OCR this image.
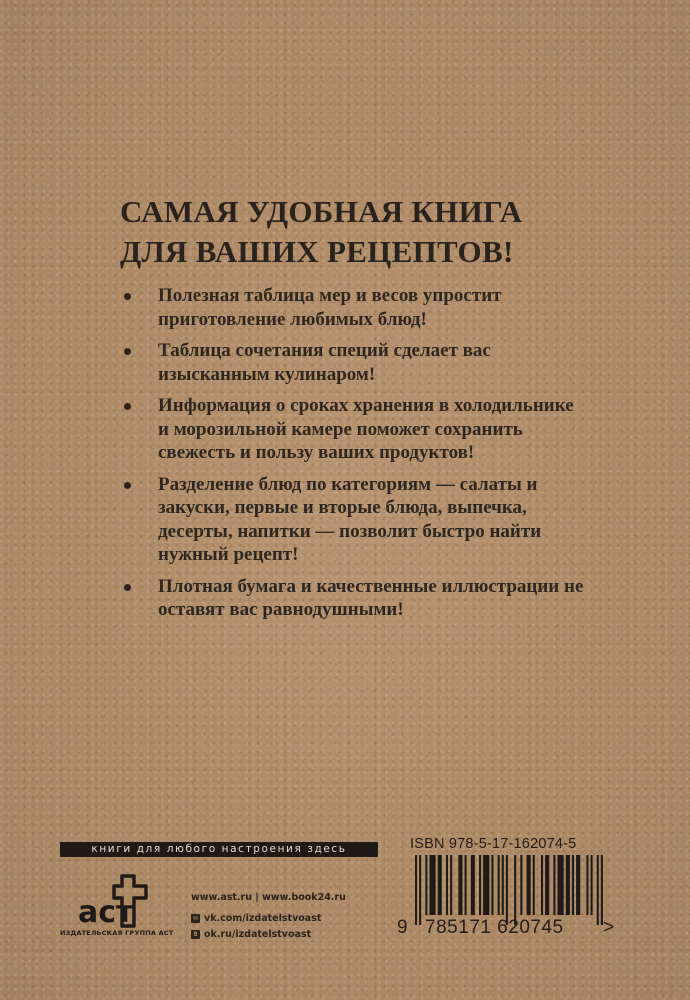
САМАЯ УДОБНАЯ КНИГА
ДЛЯ ВАШИХ РЕЦЕПТОВ!
Полезная таблица мер и весов упростит приготовление любимых блюд!
Таблица сочетания специй сделает вас изысканным кулинаром!
Информация о сроках хранения в холодильнике и морозильной камере поможет сохранить свежесть и пользу ваших продуктов!
Разделение блюд по категориям — салаты и закуски, первые и вторые блюда, выпечка, десерты, напитки — позволит быстро найти нужный рецепт!
Плотная бумага и качественные иллюстрации не оставят вас равнодушными!
книги для любого настроения здесь
аст
ИЗДАТЕЛЬСКАЯ ГРУППА АСТ
www.ast.ru | www.book24.ru
✉ vk.com/izdatelstvoast
8 ok.ru/izdatelstvoast
ISBN 978-5-17-162074-5
9 785171 620745 >
